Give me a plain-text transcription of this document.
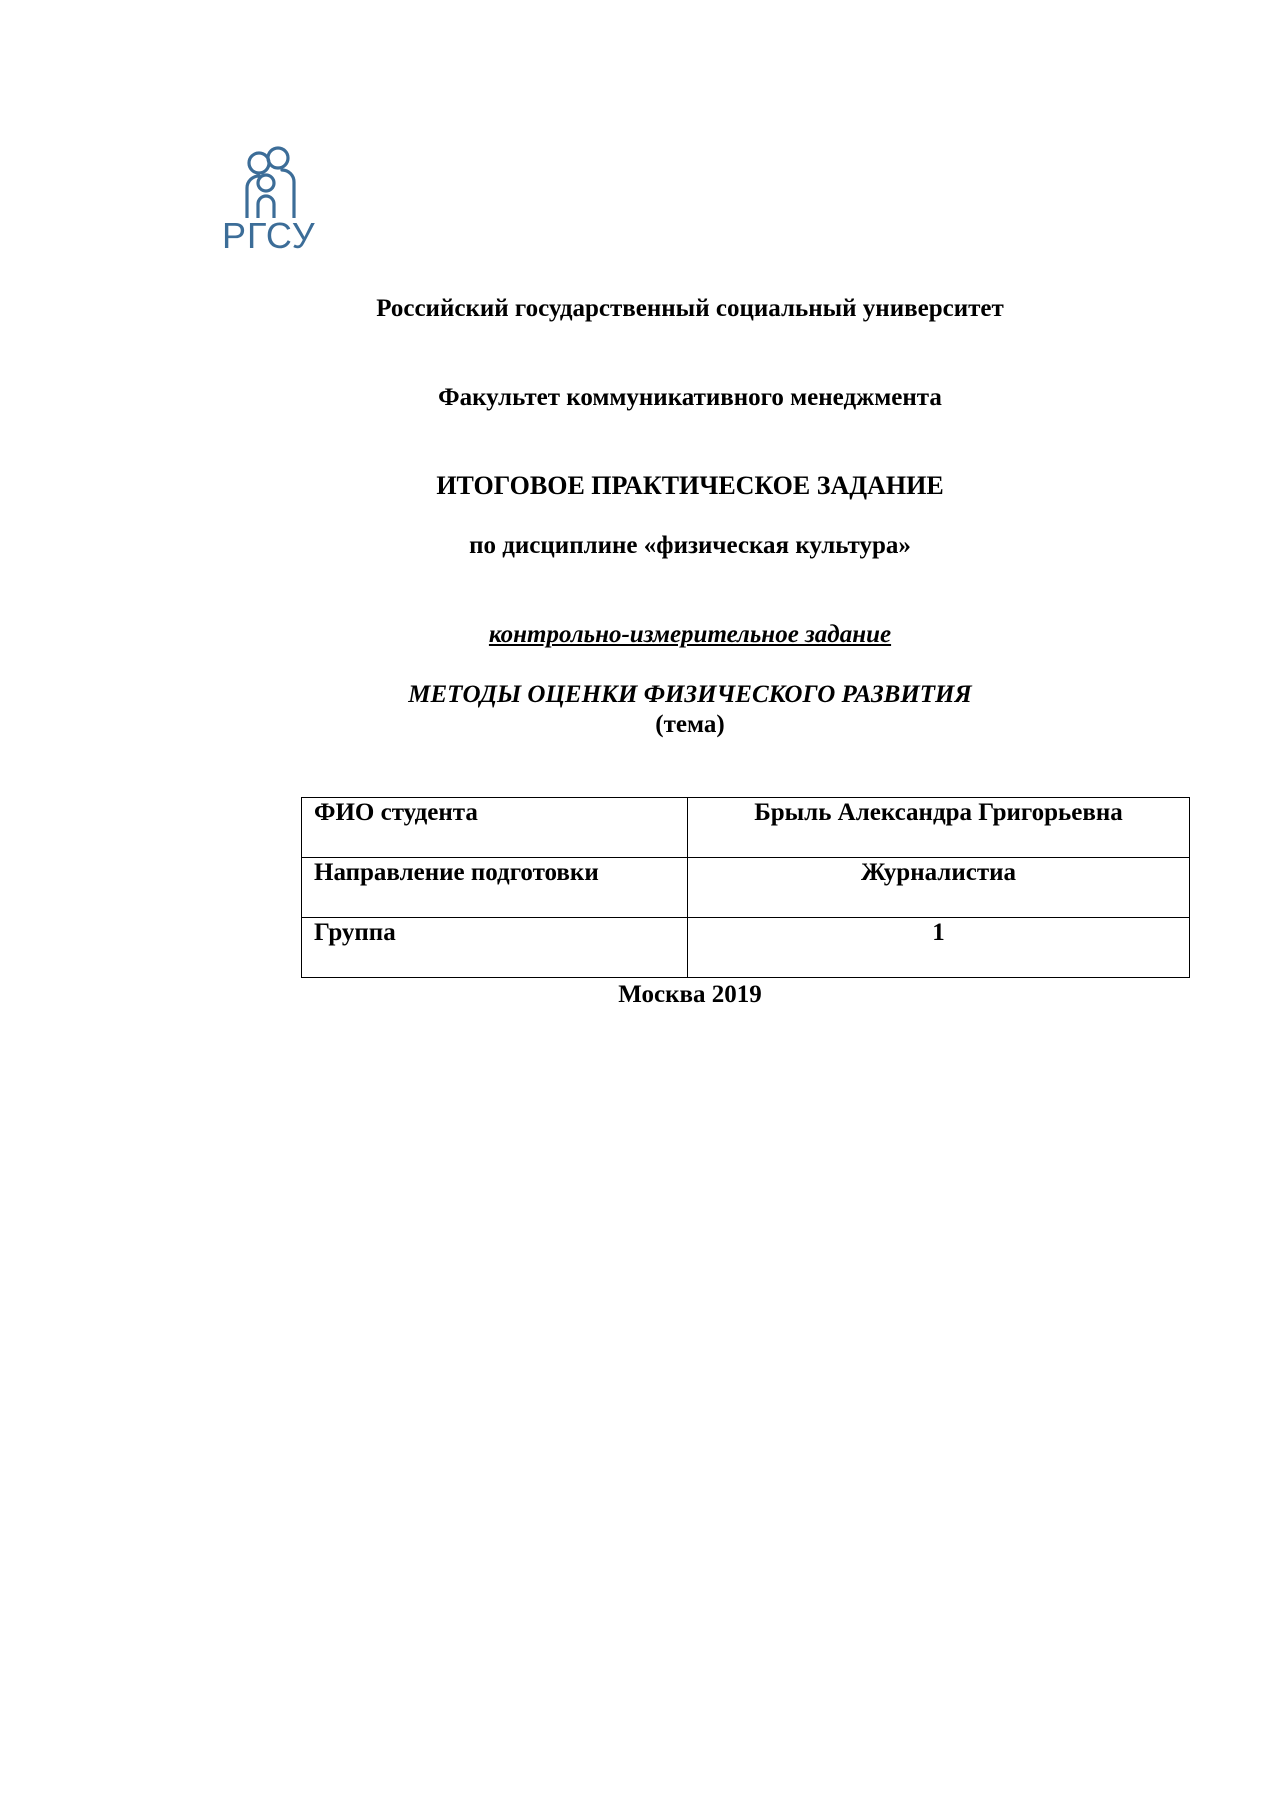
РГСУ
Российский государственный социальный университет
Факультет коммуникативного менеджмента
ИТОГОВОЕ ПРАКТИЧЕСКОЕ ЗАДАНИЕ
по дисциплине «физическая культура»
контрольно-измерительное задание
МЕТОДЫ ОЦЕНКИ ФИЗИЧЕСКОГО РАЗВИТИЯ
(тема)
ФИО студента	Брыль Александра Григорьевна
Направление подготовки	Журналистиа
Группа	1
Москва 2019
